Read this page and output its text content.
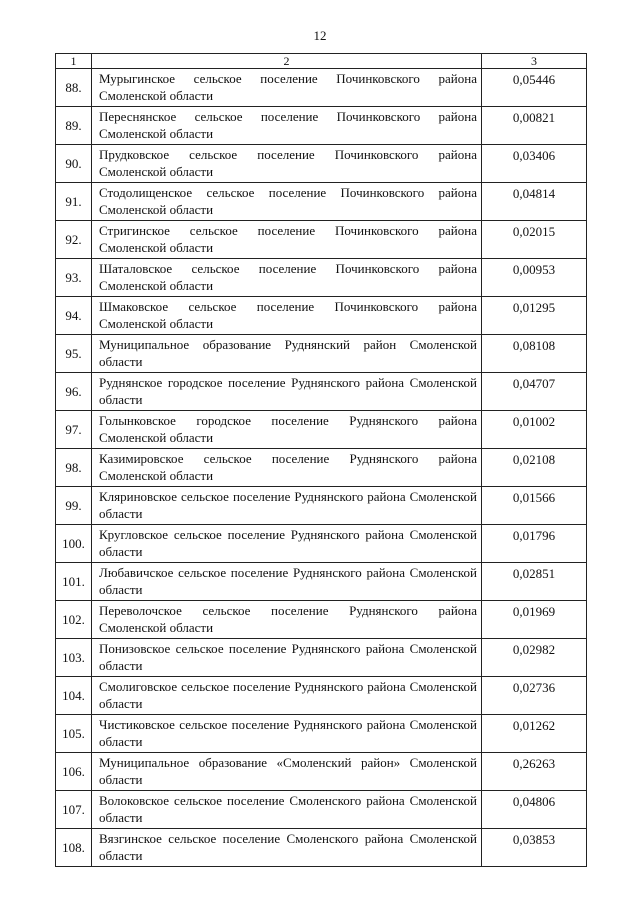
12
1	2	3
88.	Мурыгинское сельское поселение Починковского района Смоленской области	0,05446
89.	Переснянское сельское поселение Починковского района Смоленской области	0,00821
90.	Прудковское сельское поселение Починковского района Смоленской области	0,03406
91.	Стодолищенское сельское поселение Починковского района Смоленской области	0,04814
92.	Стригинское сельское поселение Починковского района Смоленской области	0,02015
93.	Шаталовское сельское поселение Починковского района Смоленской области	0,00953
94.	Шмаковское сельское поселение Починковского района Смоленской области	0,01295
95.	Муниципальное образование Руднянский район Смоленской области	0,08108
96.	Руднянское городское поселение Руднянского района Смоленской области	0,04707
97.	Голынковское городское поселение Руднянского района Смоленской области	0,01002
98.	Казимировское сельское поселение Руднянского района Смоленской области	0,02108
99.	Кляриновское сельское поселение Руднянского района Смоленской области	0,01566
100.	Кругловское сельское поселение Руднянского района Смоленской области	0,01796
101.	Любавичское сельское поселение Руднянского района Смоленской области	0,02851
102.	Переволочское сельское поселение Руднянского района Смоленской области	0,01969
103.	Понизовское сельское поселение Руднянского района Смоленской области	0,02982
104.	Смолиговское сельское поселение Руднянского района Смоленской области	0,02736
105.	Чистиковское сельское поселение Руднянского района Смоленской области	0,01262
106.	Муниципальное образование «Смоленский район» Смоленской области	0,26263
107.	Волоковское сельское поселение Смоленского района Смоленской области	0,04806
108.	Вязгинское сельское поселение Смоленского района Смоленской области	0,03853
